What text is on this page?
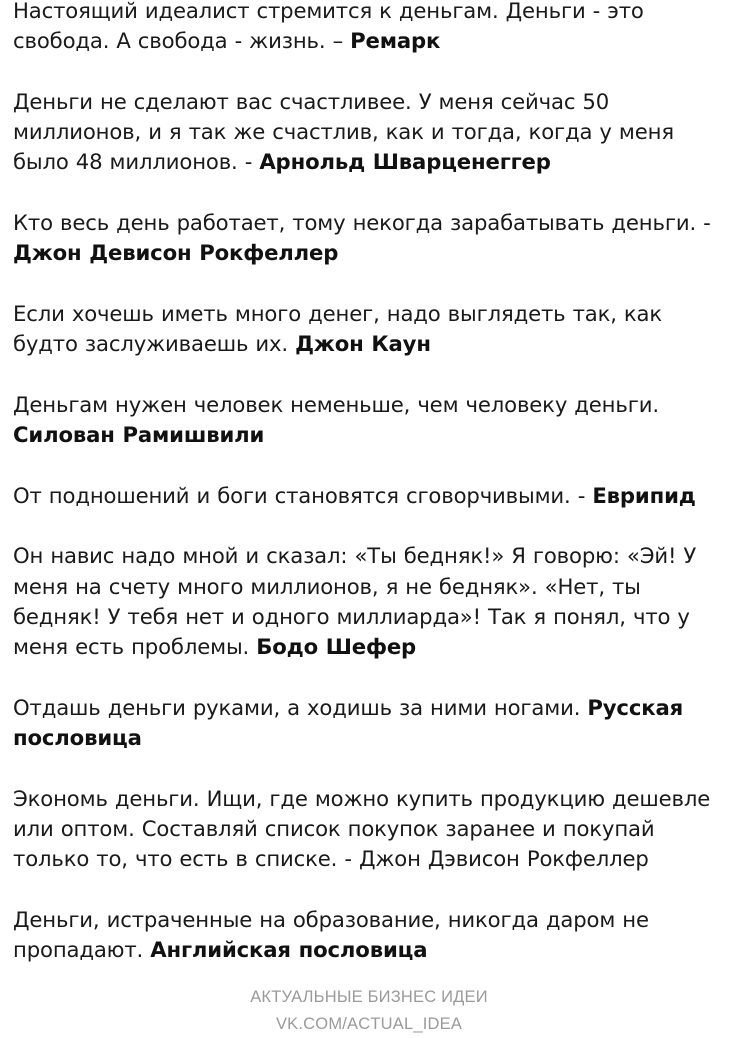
Настоящий идеалист стремится к деньгам. Деньги - это свобода. А свобода - жизнь. – Ремарк

Деньги не сделают вас счастливее. У меня сейчас 50 миллионов, и я так же счастлив, как и тогда, когда у меня было 48 миллионов. - Арнольд Шварценеггер

Кто весь день работает, тому некогда зарабатывать деньги. - Джон Девисон Рокфеллер

Если хочешь иметь много денег, надо выглядеть так, как будто заслуживаешь их. Джон Каун

Деньгам нужен человек неменьше, чем человеку деньги. Силован Рамишвили

От подношений и боги становятся сговорчивыми. - Еврипид

Он навис надо мной и сказал: «Ты бедняк!» Я говорю: «Эй! У меня на счету много миллионов, я не бедняк». «Нет, ты бедняк! У тебя нет и одного миллиарда»! Так я понял, что у меня есть проблемы. Бодо Шефер

Отдашь деньги руками, а ходишь за ними ногами. Русская пословица

Экономь деньги. Ищи, где можно купить продукцию дешевле или оптом. Составляй список покупок заранее и покупай только то, что есть в списке. - Джон Дэвисон Рокфеллер

Деньги, истраченные на образование, никогда даром не пропадают. Английская пословица

АКТУАЛЬНЫЕ БИЗНЕС ИДЕИ
VK.COM/ACTUAL_IDEA
